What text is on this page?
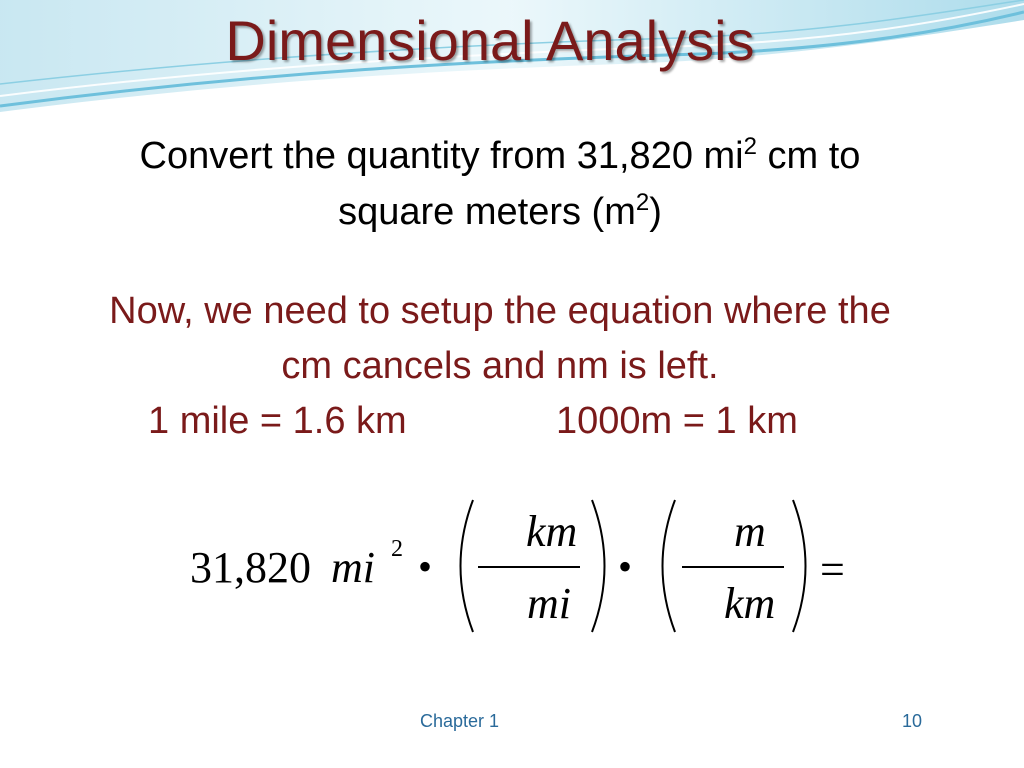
Dimensional Analysis
Convert the quantity from 31,820 $mi^2$ cm to
square meters $(m^2)$
Now, we need to setup the equation where the
cm cancels and nm is left.
1 mile = 1.6 km	1000m = 1 km
31,820 mi 2 •	•
km
mi
m
km
=
Chapter 1	10
